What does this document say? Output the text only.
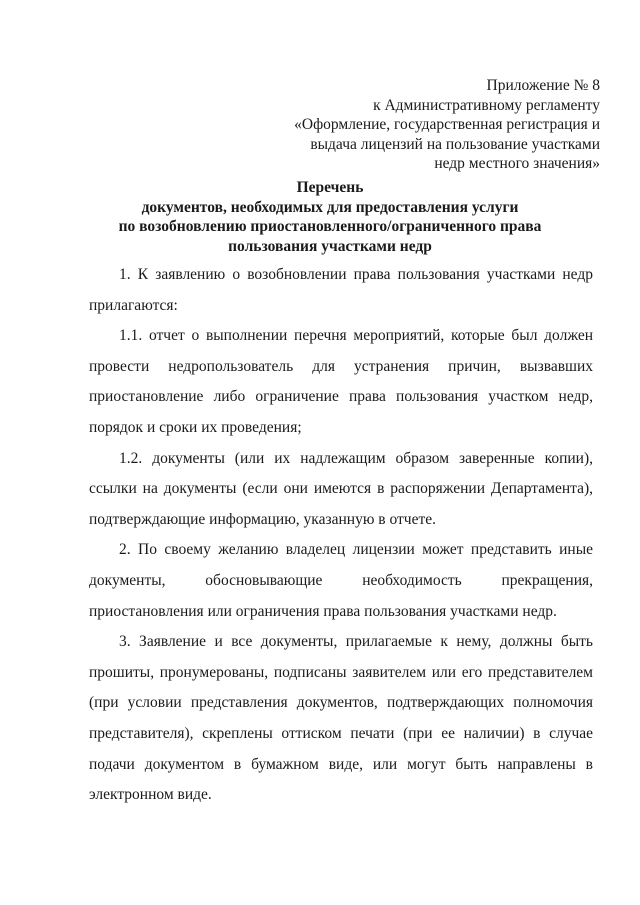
Приложение № 8
к Административному регламенту
«Оформление, государственная регистрация и
выдача лицензий на пользование участками
недр местного значения»
Перечень
документов, необходимых для предоставления услуги
по возобновлению приостановленного/ограниченного права
пользования участками недр

1. К заявлению о возобновлении права пользования участками недр прилагаются:

1.1. отчет о выполнении перечня мероприятий, которые был должен провести недропользователь для устранения причин, вызвавших приостановление либо ограничение права пользования участком недр, порядок и сроки их проведения;

1.2. документы (или их надлежащим образом заверенные копии), ссылки на документы (если они имеются в распоряжении Департамента), подтверждающие информацию, указанную в отчете.

2. По своему желанию владелец лицензии может представить иные документы, обосновывающие необходимость прекращения, приостановления или ограничения права пользования участками недр.

3. Заявление и все документы, прилагаемые к нему, должны быть прошиты, пронумерованы, подписаны заявителем или его представителем (при условии представления документов, подтверждающих полномочия представителя), скреплены оттиском печати (при ее наличии) в случае подачи документом в бумажном виде, или могут быть направлены в электронном виде.
